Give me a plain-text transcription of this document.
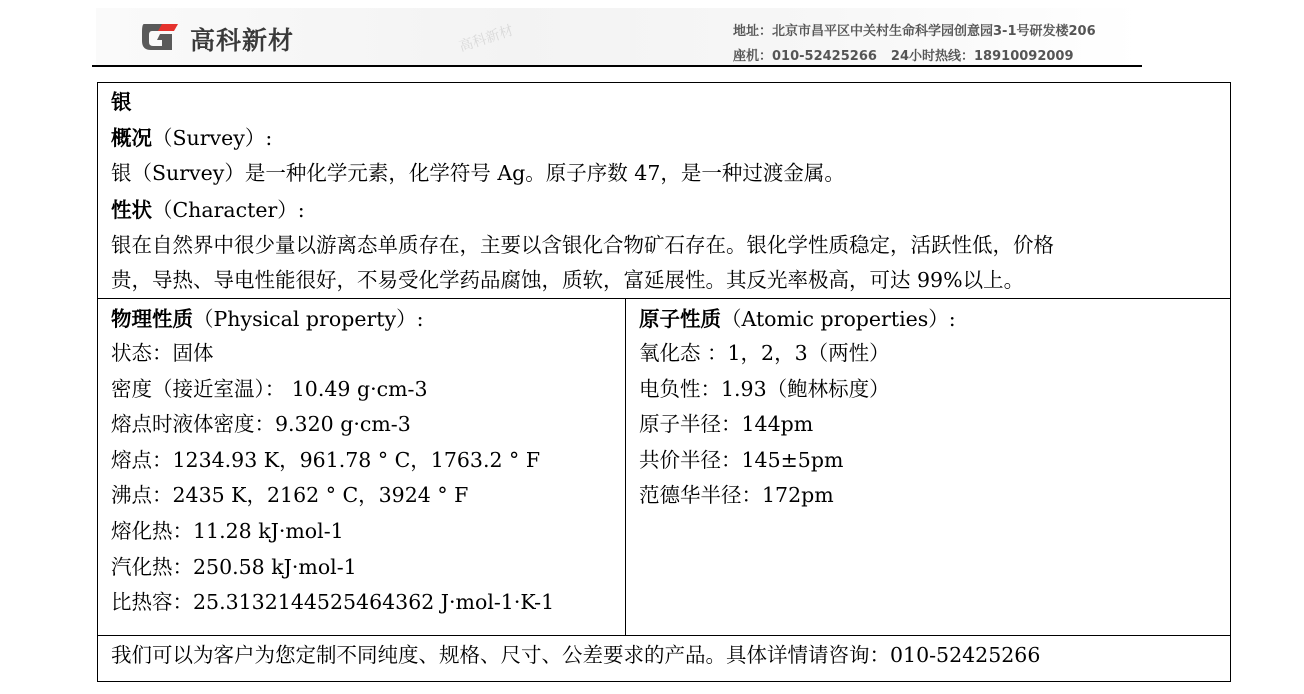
高科新材	高科新材	地址：北京市昌平区中关村生命科学园创意园3-1号研发楼206
座机：010-52425266 24小时热线：18910092009
银
概况（Survey）:
银（Survey）是一种化学元素，化学符号 Ag。原子序数 47，是一种过渡金属。
性状（Character）:
银在自然界中很少量以游离态单质存在，主要以含银化合物矿石存在。银化学性质稳定，活跃性低，价格
贵，导热、导电性能很好，不易受化学药品腐蚀，质软，富延展性。其反光率极高，可达 99%以上。
物理性质（Physical property）:
状态：固体
密度（接近室温）： 10.49 g·cm-3
熔点时液体密度：9.320 g·cm-3
熔点：1234.93 K，961.78 ° C，1763.2 ° F
沸点：2435 K，2162 ° C，3924 ° F
熔化热：11.28 kJ·mol-1
汽化热：250.58 kJ·mol-1
比热容：25.3132144525464362 J·mol-1·K-1
原子性质（Atomic properties）:
氧化态 ：1，2，3（两性）
电负性：1.93（鲍林标度）
原子半径：144pm
共价半径：145±5pm
范德华半径：172pm
我们可以为客户为您定制不同纯度、规格、尺寸、公差要求的产品。具体详情请咨询：010-52425266
